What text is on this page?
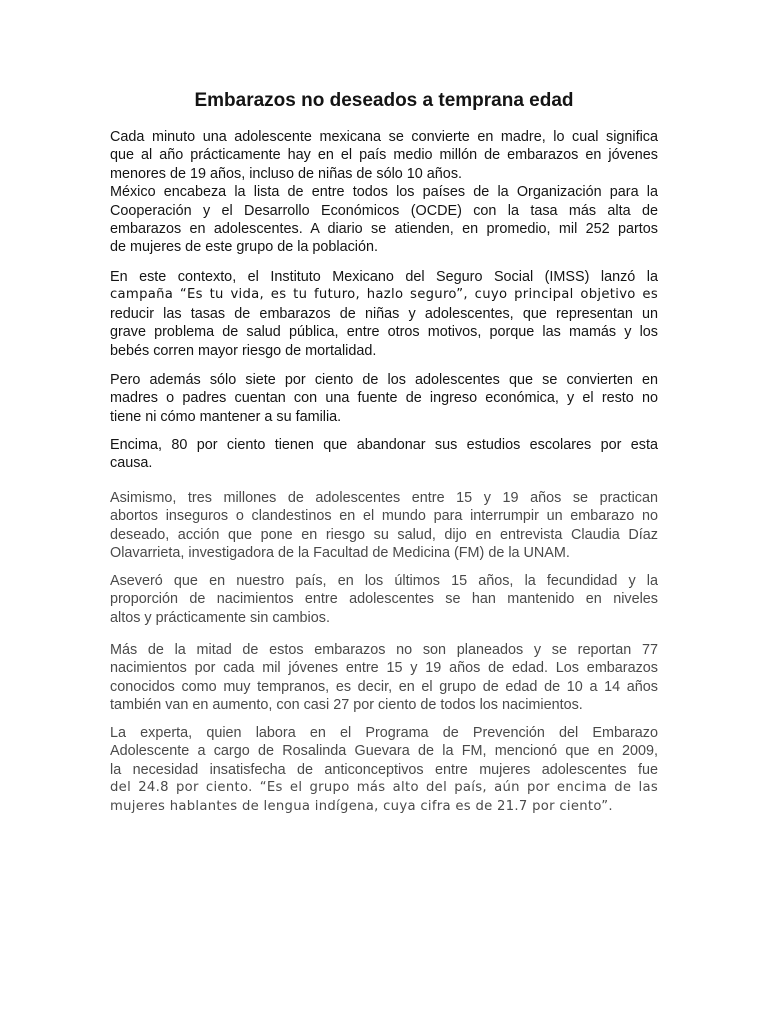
Embarazos no deseados a temprana edad
Cada minuto una adolescente mexicana se convierte en madre, lo cual significa
que al año prácticamente hay en el país medio millón de embarazos en jóvenes
menores de 19 años, incluso de niñas de sólo 10 años.
México encabeza la lista de entre todos los países de la Organización para la
Cooperación y el Desarrollo Económicos (OCDE) con la tasa más alta de
embarazos en adolescentes. A diario se atienden, en promedio, mil 252 partos
de mujeres de este grupo de la población.
En este contexto, el Instituto Mexicano del Seguro Social (IMSS) lanzó la
campaña “Es tu vida, es tu futuro, hazlo seguro”, cuyo principal objetivo es
reducir las tasas de embarazos de niñas y adolescentes, que representan un
grave problema de salud pública, entre otros motivos, porque las mamás y los
bebés corren mayor riesgo de mortalidad.
Pero además sólo siete por ciento de los adolescentes que se convierten en
madres o padres cuentan con una fuente de ingreso económica, y el resto no
tiene ni cómo mantener a su familia.
Encima, 80 por ciento tienen que abandonar sus estudios escolares por esta
causa.
Asimismo, tres millones de adolescentes entre 15 y 19 años se practican
abortos inseguros o clandestinos en el mundo para interrumpir un embarazo no
deseado, acción que pone en riesgo su salud, dijo en entrevista Claudia Díaz
Olavarrieta, investigadora de la Facultad de Medicina (FM) de la UNAM.
Aseveró que en nuestro país, en los últimos 15 años, la fecundidad y la
proporción de nacimientos entre adolescentes se han mantenido en niveles
altos y prácticamente sin cambios.
Más de la mitad de estos embarazos no son planeados y se reportan 77
nacimientos por cada mil jóvenes entre 15 y 19 años de edad. Los embarazos
conocidos como muy tempranos, es decir, en el grupo de edad de 10 a 14 años
también van en aumento, con casi 27 por ciento de todos los nacimientos.
La experta, quien labora en el Programa de Prevención del Embarazo
Adolescente a cargo de Rosalinda Guevara de la FM, mencionó que en 2009,
la necesidad insatisfecha de anticonceptivos entre mujeres adolescentes fue
del 24.8 por ciento. “Es el grupo más alto del país, aún por encima de las
mujeres hablantes de lengua indígena, cuya cifra es de 21.7 por ciento”.
